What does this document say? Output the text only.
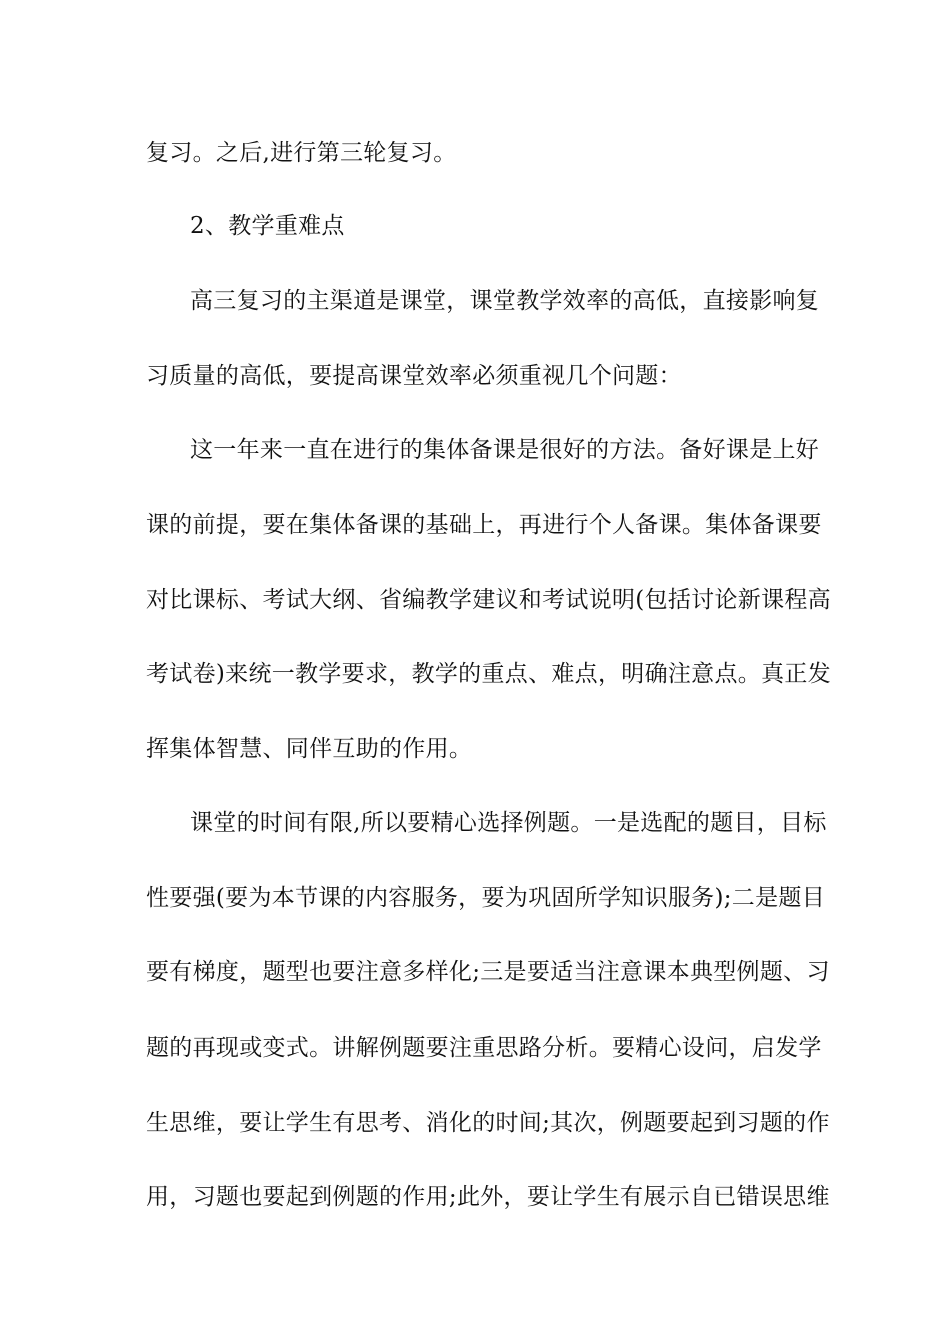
复习。之后,进行第三轮复习。
2、教学重难点
高三复习的主渠道是课堂，课堂教学效率的高低，直接影响复
习质量的高低，要提高课堂效率必须重视几个问题：
这一年来一直在进行的集体备课是很好的方法。备好课是上好
课的前提，要在集体备课的基础上，再进行个人备课。集体备课要
对比课标、考试大纲、省编教学建议和考试说明(包括讨论新课程高
考试卷)来统一教学要求，教学的重点、难点，明确注意点。真正发
挥集体智慧、同伴互助的作用。
课堂的时间有限,所以要精心选择例题。一是选配的题目，目标
性要强(要为本节课的内容服务，要为巩固所学知识服务);二是题目
要有梯度，题型也要注意多样化;三是要适当注意课本典型例题、习
题的再现或变式。讲解例题要注重思路分析。要精心设问，启发学
生思维，要让学生有思考、消化的时间;其次，例题要起到习题的作
用，习题也要起到例题的作用;此外，要让学生有展示自已错误思维
